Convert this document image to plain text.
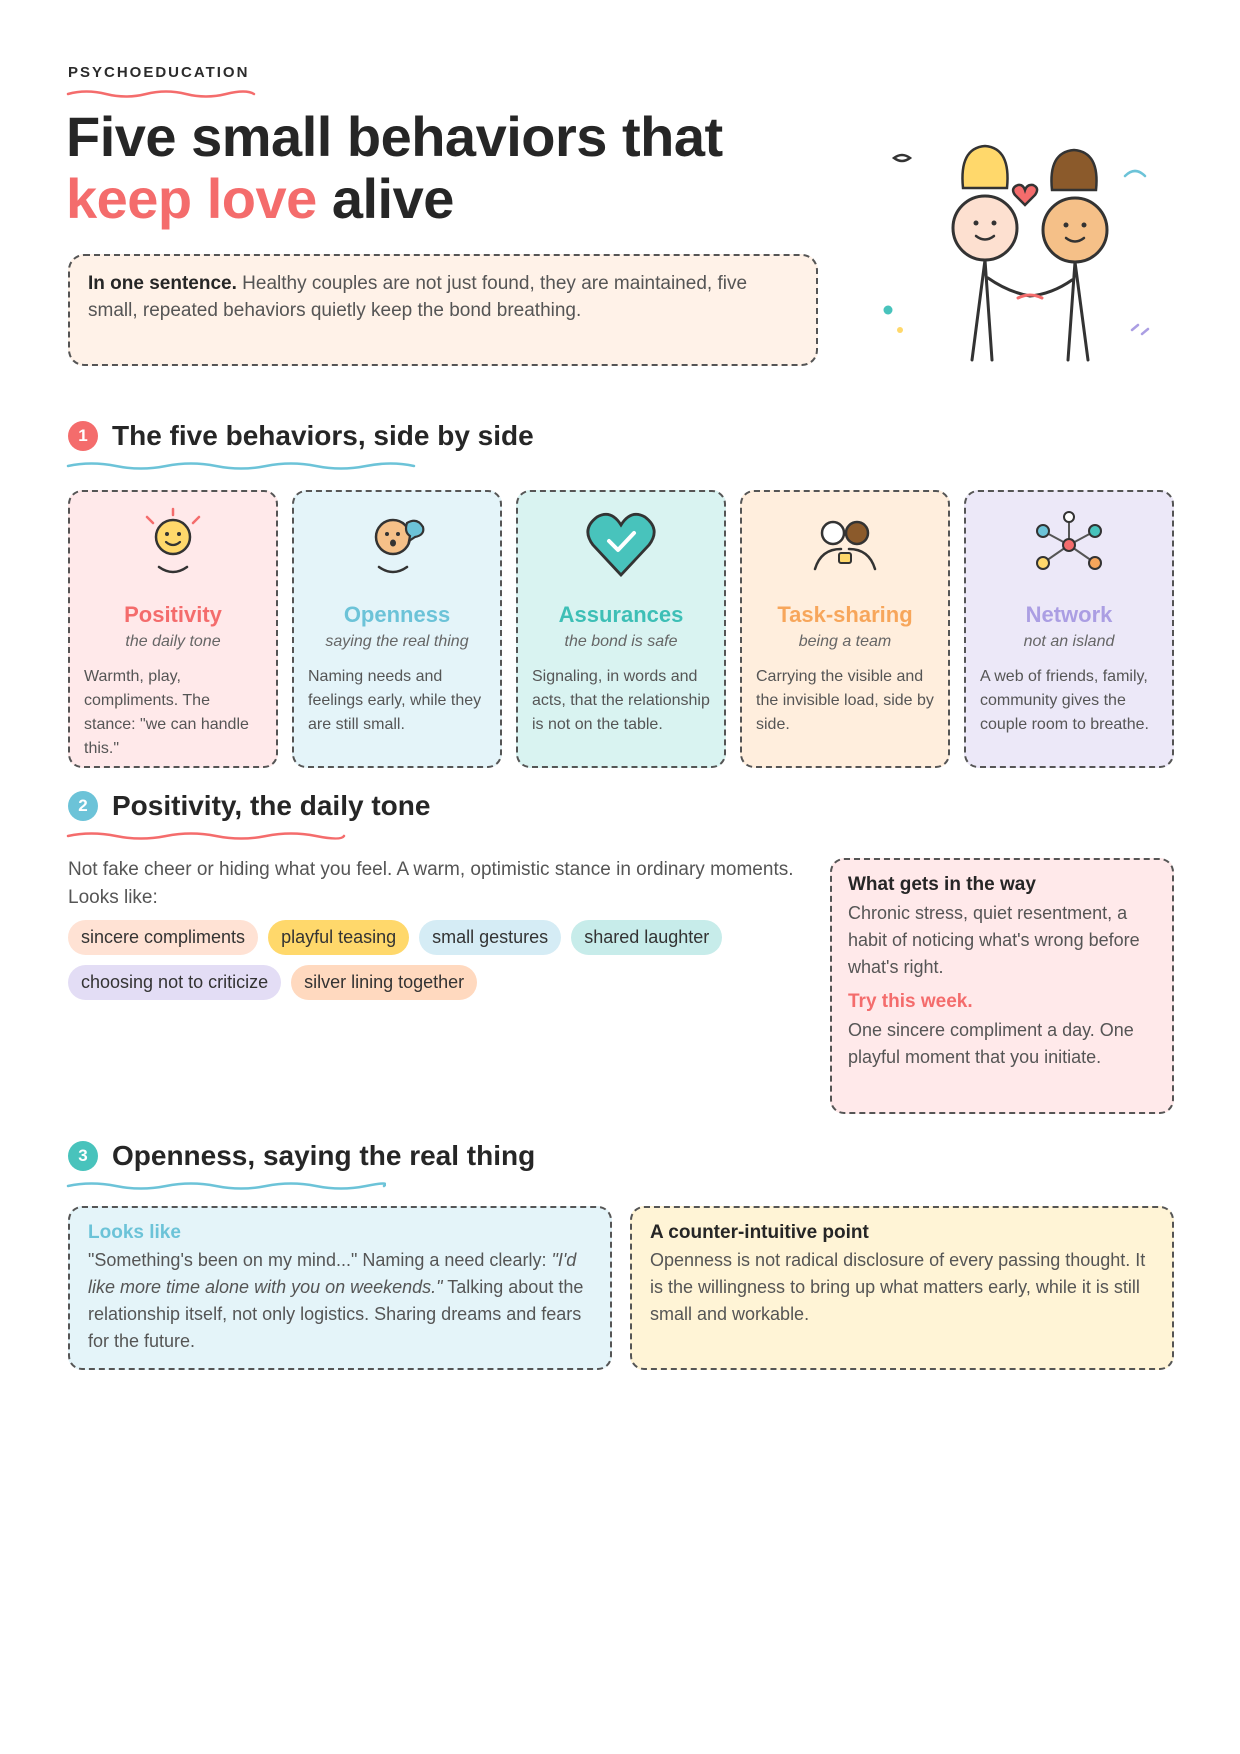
PSYCHOEDUCATION
Five small behaviors that
keep love alive
In one sentence. Healthy couples are not just found, they are maintained, five small, repeated behaviors quietly keep the bond breathing.
1 The five behaviors, side by side
Positivity
the daily tone
Warmth, play, compliments. The stance: "we can handle this."
Openness
saying the real thing
Naming needs and feelings early, while they are still small.
Assurances
the bond is safe
Signaling, in words and acts, that the relationship is not on the table.
Task-sharing
being a team
Carrying the visible and the invisible load, side by side.
Network
not an island
A web of friends, family, community gives the couple room to breathe.
2 Positivity, the daily tone
Not fake cheer or hiding what you feel. A warm, optimistic stance in ordinary moments. Looks like:
sincere compliments	playful teasing	small gestures	shared laughter
choosing not to criticize	silver lining together
What gets in the way
Chronic stress, quiet resentment, a habit of noticing what's wrong before what's right.
Try this week.
One sincere compliment a day. One playful moment that you initiate.
3 Openness, saying the real thing
Looks like
"Something's been on my mind..." Naming a need clearly: "I'd like more time alone with you on weekends." Talking about the relationship itself, not only logistics. Sharing dreams and fears for the future.
A counter-intuitive point
Openness is not radical disclosure of every passing thought. It is the willingness to bring up what matters early, while it is still small and workable.
